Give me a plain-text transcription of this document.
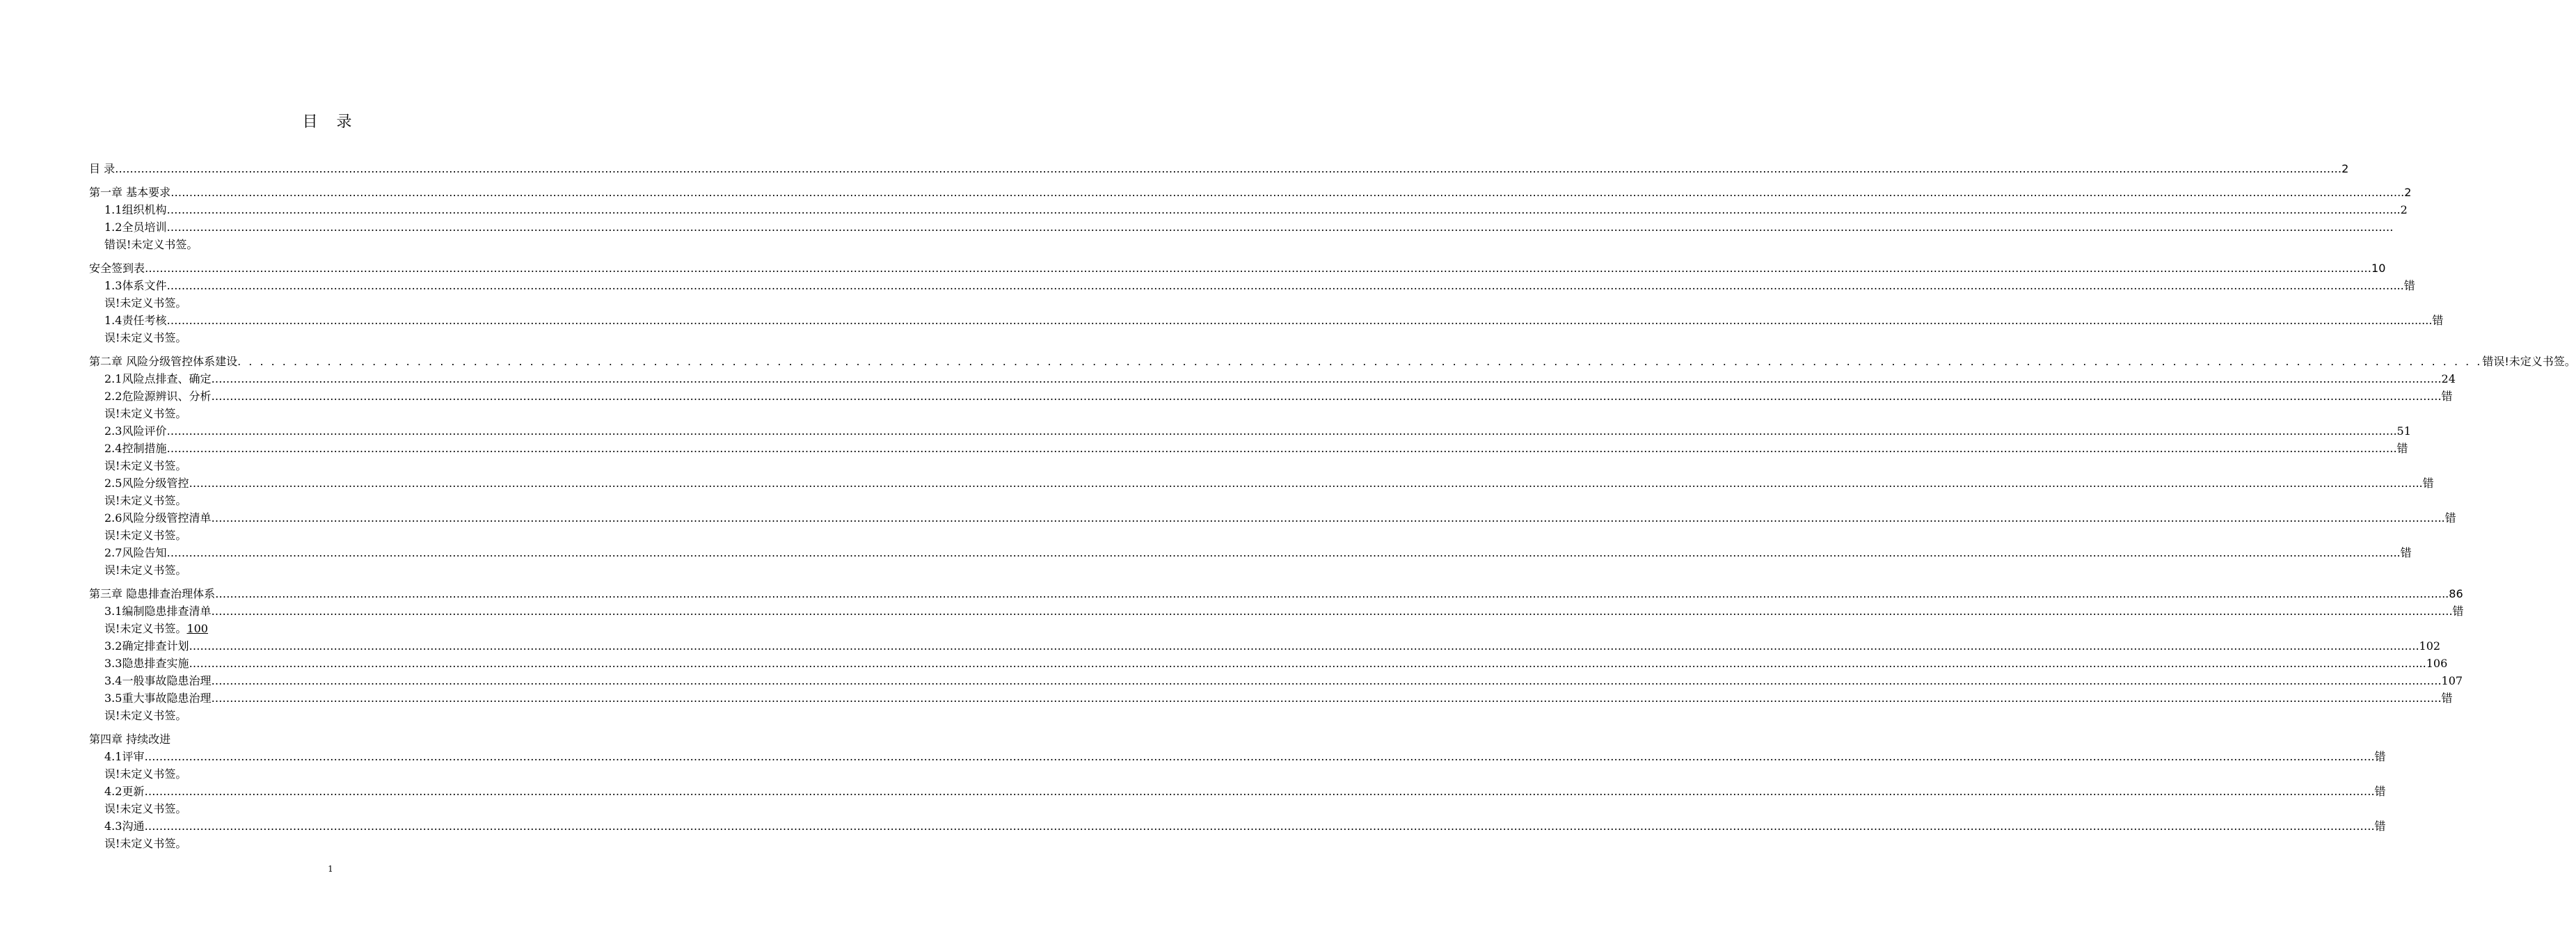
目 录
目 录 …………………………………………………………………………………………………………………………………………………………………………………………………………………………………………………………………………………………………………………………………………………………………………………………………………………………………………………………………………………………………………………………………………………… 2
第一章 基本要求 …………………………………………………………………………………………………………………………………………………………………………………………………………………………………………………………………………………………………………………………………………………………………………………………………………………………………………………………………………………………………………………………………………………… ..2
1.1组织机构 …………………………………………………………………………………………………………………………………………………………………………………………………………………………………………………………………………………………………………………………………………………………………………………………………………………………………………………………………………………………………………………………………………………… ..2
1.2全员培训 ……………………………………………………………………………………………………………………………………………………………………………………………………………………………………………………………………………………………………………………………………………………………………………………………………………………………………………………………………………………………………………………………………………………
错误!未定义书签。
安全签到表 …………………………………………………………………………………………………………………………………………………………………………………………………………………………………………………………………………………………………………………………………………………………………………………………………………………………………………………………………………………………………………………………………………………… 10
1.3体系文件 …………………………………………………………………………………………………………………………………………………………………………………………………………………………………………………………………………………………………………………………………………………………………………………………………………………………………………………………………………………………………………………………………………………… ...错
误!未定义书签。
1.4责任考核 …………………………………………………………………………………………………………………………………………………………………………………………………………………………………………………………………………………………………………………………………………………………………………………………………………………………………………………………………………………………………………………………………………………… ...........错
误!未定义书签。
第二章 风险分级管控体系建设 . . . . . . . . . . . . . . . . . . . . . . . . . . . . . . . . . . . . . . . . . . . . . . . . . . . . . . . . . . . . . . . . . . . . . . . . . . . . . . . . . . . . . . . . . . . . . . . . . . . . . . . . . . . . . . . . . . . . . . . . . . . . . . . . . . . . . . . . . . . . . . . . . . . . . . . . . . . . . . . . . . . . . . . . . . . . . . . . . . . . . . . . . . . . . . . . . . . . . . . . 错误!未定义书签。
2.1风险点排查、确定 …………………………………………………………………………………………………………………………………………………………………………………………………………………………………………………………………………………………………………………………………………………………………………………………………………………………………………………………………………………………………………………………………………………… .24
2.2危险源辨识、分析 …………………………………………………………………………………………………………………………………………………………………………………………………………………………………………………………………………………………………………………………………………………………………………………………………………………………………………………………………………………………………………………………………………………… .错
误!未定义书签。
2.3风险评价 …………………………………………………………………………………………………………………………………………………………………………………………………………………………………………………………………………………………………………………………………………………………………………………………………………………………………………………………………………………………………………………………………………………… .51
2.4控制措施 …………………………………………………………………………………………………………………………………………………………………………………………………………………………………………………………………………………………………………………………………………………………………………………………………………………………………………………………………………………………………………………………………………………… .错
误!未定义书签。
2.5风险分级管控 …………………………………………………………………………………………………………………………………………………………………………………………………………………………………………………………………………………………………………………………………………………………………………………………………………………………………………………………………………………………………………………………………………………… ..错
误!未定义书签。
2.6风险分级管控清单 …………………………………………………………………………………………………………………………………………………………………………………………………………………………………………………………………………………………………………………………………………………………………………………………………………………………………………………………………………………………………………………………………………………… ..错
误!未定义书签。
2.7风险告知 …………………………………………………………………………………………………………………………………………………………………………………………………………………………………………………………………………………………………………………………………………………………………………………………………………………………………………………………………………………………………………………………………………………… ..错
误!未定义书签。
第三章 隐患排查治理体系 …………………………………………………………………………………………………………………………………………………………………………………………………………………………………………………………………………………………………………………………………………………………………………………………………………………………………………………………………………………………………………………………………………………… ..86
3.1编制隐患排查清单 …………………………………………………………………………………………………………………………………………………………………………………………………………………………………………………………………………………………………………………………………………………………………………………………………………………………………………………………………………………………………………………………………………………… ….错
误!未定义书签。100
3.2确定排查计划 …………………………………………………………………………………………………………………………………………………………………………………………………………………………………………………………………………………………………………………………………………………………………………………………………………………………………………………………………………………………………………………………………………………… .102
3.3隐患排查实施 …………………………………………………………………………………………………………………………………………………………………………………………………………………………………………………………………………………………………………………………………………………………………………………………………………………………………………………………………………………………………………………………………………………… ...106
3.4一般事故隐患治理 …………………………………………………………………………………………………………………………………………………………………………………………………………………………………………………………………………………………………………………………………………………………………………………………………………………………………………………………………………………………………………………………………………………… .107
3.5重大事故隐患治理 …………………………………………………………………………………………………………………………………………………………………………………………………………………………………………………………………………………………………………………………………………………………………………………………………………………………………………………………………………………………………………………………………………………… .错
误!未定义书签。
第四章 持续改进
4.1评审 …………………………………………………………………………………………………………………………………………………………………………………………………………………………………………………………………………………………………………………………………………………………………………………………………………………………………………………………………………………………………………………………………………………… .错
误!未定义书签。
4.2更新 …………………………………………………………………………………………………………………………………………………………………………………………………………………………………………………………………………………………………………………………………………………………………………………………………………………………………………………………………………………………………………………………………………………… .错
误!未定义书签。
4.3沟通 …………………………………………………………………………………………………………………………………………………………………………………………………………………………………………………………………………………………………………………………………………………………………………………………………………………………………………………………………………………………………………………………………………………… .错
误!未定义书签。
1
